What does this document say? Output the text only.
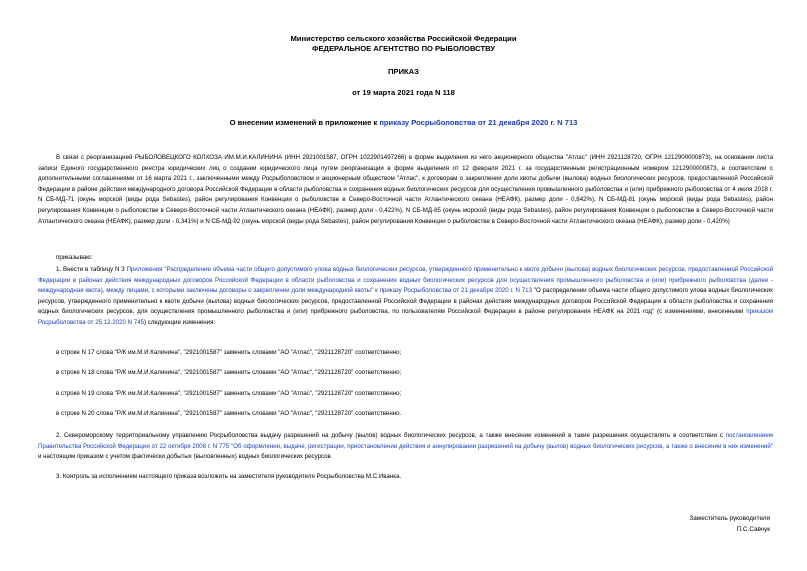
Министерство сельского хозяйства Российской Федерации
ФЕДЕРАЛЬНОЕ АГЕНТСТВО ПО РЫБОЛОВСТВУ
ПРИКАЗ
от 19 марта 2021 года N 118
О внесении изменений в приложение к приказу Росрыболовства от 21 декабря 2020 г. N 713
В связи с реорганизацией РЫБОЛОВЕЦКОГО КОЛХОЗА ИМ.М.И.КАЛИНИНА (ИНН 2921001587, ОГРН 1022901497266) в форме выделения из него акционерного общества "Атлас" (ИНН 2921128720, ОГРН 1212900000873), на основании листа записи Единого государственного реестра юридических лиц о создании юридического лица путем реорганизации в форме выделения от 12 февраля 2021 г. за государственным регистрационным номером 1212900000873, в соответствии с дополнительными соглашениями от 16 марта 2021 г., заключенными между Росрыболовством и акционерным обществом "Атлас", к договорам о закреплении доли квоты добычи (вылова) водных биологических ресурсов, предоставленной Российской Федерации в районе действия международного договора Российской Федерации в области рыболовства и сохранения водных биологических ресурсов для осуществления промышленного рыболовства и (или) прибрежного рыболовства от 4 июля 2018 г. N СБ-МД-71 (окунь морской (виды рода Sebastes), район регулирования Конвенции о рыболовстве в Северо-Восточной части Атлантического океана (НЕАФК), размер доли - 0,842%), N СБ-МД-81 (окунь морской (виды рода Sebastes), район регулирования Конвенции о рыболовстве в Северо-Восточной части Атлантического океана (НЕАФК), размер доли - 0,422%), N СБ-МД-85 (окунь морской (виды рода Sebastes), район регулирования Конвенции о рыболовстве в Северо-Восточной части Атлантического океана (НЕАФК), размер доли - 0,341%) и N СБ-МД-92 (окунь морской (виды рода Sebastes), район регулирования Конвенции о рыболовстве в Северо-Восточной части Атлантического океана (НЕАФК), размер доли - 0,420%)
приказываю:
1. Внести в таблицу N 3 Приложения "Распределение объема части общего допустимого улова водных биологических ресурсов, утвержденного применительно к квоте добычи (вылова) водных биологических ресурсов, предоставленной Российской Федерации в районах действия международных договоров Российской Федерации в области рыболовства и сохранения водных биологических ресурсов для осуществления промышленного рыболовства и (или) прибрежного рыболовства (далее - международная квота), между лицами, с которыми заключены договоры о закреплении доли международной квоты" к приказу Росрыболовства от 21 декабря 2020 г. N 713 "О распределении объема части общего допустимого улова водных биологических ресурсов, утвержденного применительно к квоте добычи (вылова) водных биологических ресурсов, предоставленной Российской Федерации в районах действия международных договоров Российской Федерации в области рыболовства и сохранения водных биологических ресурсов, для осуществления промышленного рыболовства и (или) прибрежного рыболовства, по пользователям Российской Федерации в районе регулирования НЕАФК на 2021 год" (с изменениями, внесенными приказом Росрыболовства от 25.12.2020 N 745) следующие изменения:
в строке N 17 слова "Р/К им.М.И.Калинина", "2921001587" заменить словами "АО "Атлас", "2921128720" соответственно;
в строке N 18 слова "Р/К им.М.И.Калинина", "2921001587" заменить словами "АО "Атлас", "2921128720" соответственно;
в строке N 19 слова "Р/К им.М.И.Калинина", "2921001587" заменить словами "АО "Атлас", "2921128720" соответственно;
в строке N 20 слова "Р/К им.М.И.Калинина", "2921001587" заменить словами "АО "Атлас", "2921128720" соответственно.
2. Североморскому территориальному управлению Росрыболовства выдачу разрешений на добычу (вылов) водных биологических ресурсов, а также внесение изменений в такие разрешения осуществлять в соответствии с постановлением Правительства Российской Федерации от 22 октября 2008 г. N 775 "Об оформлении, выдаче, регистрации, приостановлении действия и аннулировании разрешений на добычу (вылов) водных биологических ресурсов, а также о внесении в них изменений" и настоящим приказом с учетом фактически добытых (выловленных) водных биологических ресурсов.
3. Контроль за исполнением настоящего приказа возложить на заместителя руководителя Росрыболовства М.С.Иванка.
Заместитель руководителя
П.С.Савчук
